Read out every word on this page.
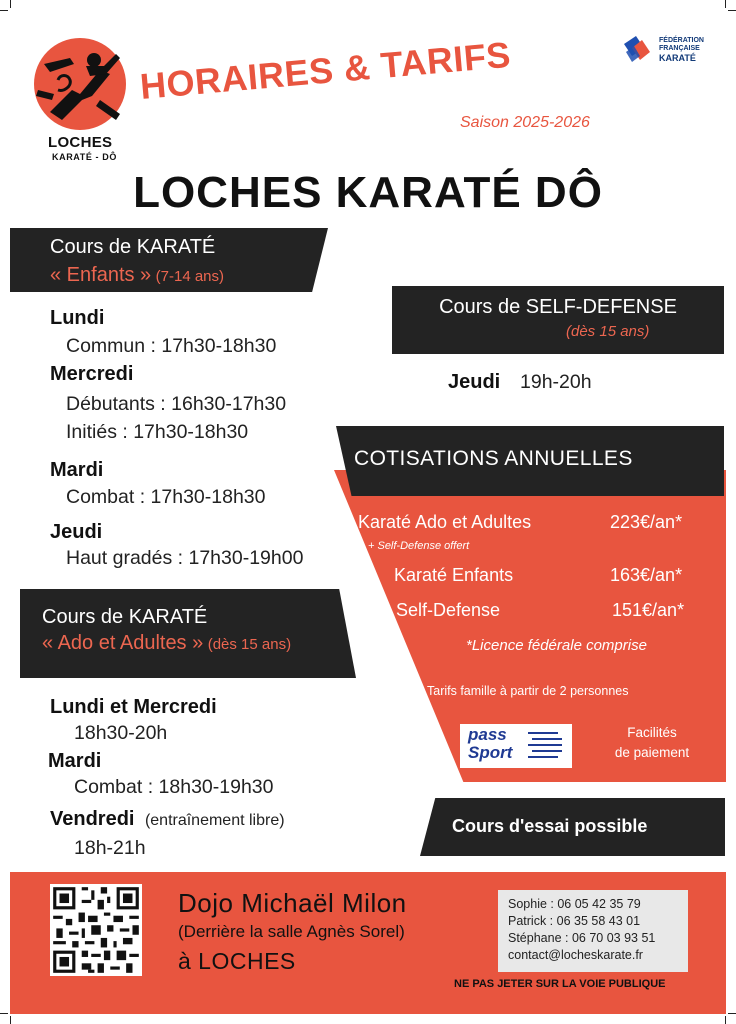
LOCHES
KARATÉ - DÔ
HORAIRES & TARIFS
Saison 2025-2026
FÉDÉRATION
FRANÇAISE
KARATÉ
LOCHES KARATÉ DÔ
Cours de KARATÉ
« Enfants » (7-14 ans)
Lundi
Commun : 17h30-18h30
Mercredi
Débutants : 16h30-17h30
Initiés : 17h30-18h30
Mardi
Combat : 17h30-18h30
Jeudi
Haut gradés : 17h30-19h00
Cours de SELF-DEFENSE
(dès 15 ans)
Jeudi 19h-20h
COTISATIONS ANNUELLES
Karaté Ado et Adultes	223€/an*
+ Self-Defense offert
Karaté Enfants	163€/an*
Self-Defense	151€/an*
*Licence fédérale comprise
Tarifs famille à partir de 2 personnes
pass
Sport
Facilités
de paiement
Cours de KARATÉ
« Ado et Adultes » (dès 15 ans)
Lundi et Mercredi
18h30-20h
Mardi
Combat : 18h30-19h30
Vendredi (entraînement libre)
18h-21h
Cours d'essai possible
Dojo Michaël Milon
(Derrière la salle Agnès Sorel)
à LOCHES
Sophie : 06 05 42 35 79
Patrick : 06 35 58 43 01
Stéphane : 06 70 03 93 51
contact@locheskarate.fr
NE PAS JETER SUR LA VOIE PUBLIQUE
